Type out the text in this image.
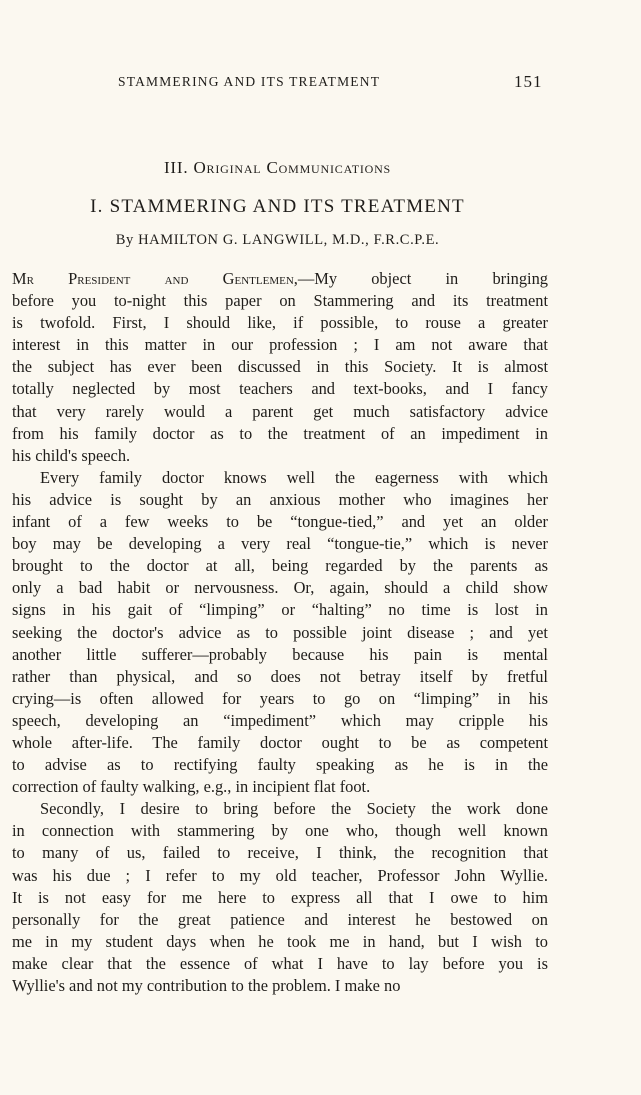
STAMMERING AND ITS TREATMENT	151
III. Original Communications
I. STAMMERING AND ITS TREATMENT
By HAMILTON G. LANGWILL, M.D., F.R.C.P.E.
Mr President and Gentlemen,—My object in bringing
before you to-night this paper on Stammering and its treatment
is twofold. First, I should like, if possible, to rouse a greater
interest in this matter in our profession ; I am not aware that
the subject has ever been discussed in this Society. It is almost
totally neglected by most teachers and text-books, and I fancy
that very rarely would a parent get much satisfactory advice
from his family doctor as to the treatment of an impediment in
his child's speech.
Every family doctor knows well the eagerness with which
his advice is sought by an anxious mother who imagines her
infant of a few weeks to be “tongue-tied,” and yet an older
boy may be developing a very real “tongue-tie,” which is never
brought to the doctor at all, being regarded by the parents as
only a bad habit or nervousness. Or, again, should a child show
signs in his gait of “limping” or “halting” no time is lost in
seeking the doctor's advice as to possible joint disease ; and yet
another little sufferer—probably because his pain is mental
rather than physical, and so does not betray itself by fretful
crying—is often allowed for years to go on “limping” in his
speech, developing an “impediment” which may cripple his
whole after-life. The family doctor ought to be as competent
to advise as to rectifying faulty speaking as he is in the
correction of faulty walking, e.g., in incipient flat foot.
Secondly, I desire to bring before the Society the work done
in connection with stammering by one who, though well known
to many of us, failed to receive, I think, the recognition that
was his due ; I refer to my old teacher, Professor John Wyllie.
It is not easy for me here to express all that I owe to him
personally for the great patience and interest he bestowed on
me in my student days when he took me in hand, but I wish to
make clear that the essence of what I have to lay before you is
Wyllie's and not my contribution to the problem. I make no
